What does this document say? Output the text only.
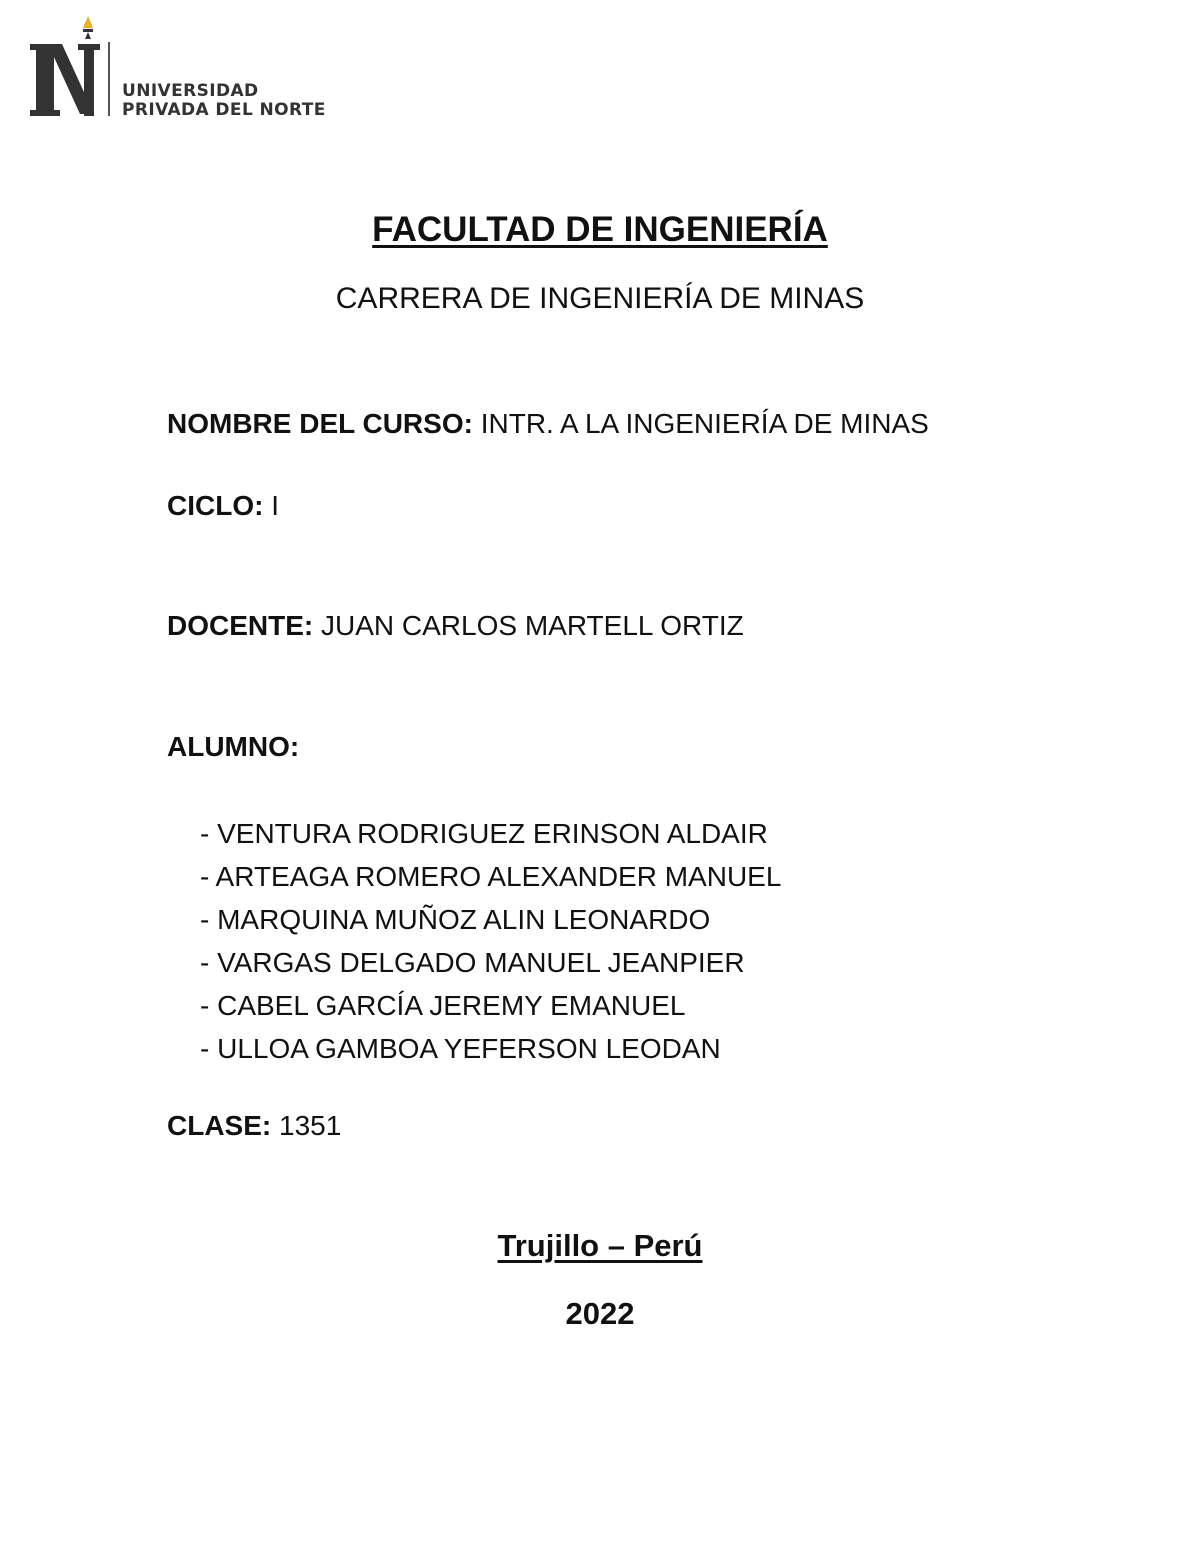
UNIVERSIDAD
PRIVADA DEL NORTE
FACULTAD DE INGENIERÍA
CARRERA DE INGENIERÍA DE MINAS
NOMBRE DEL CURSO: INTR. A LA INGENIERÍA DE MINAS
CICLO: I
DOCENTE: JUAN CARLOS MARTELL ORTIZ
ALUMNO:
- VENTURA RODRIGUEZ ERINSON ALDAIR
- ARTEAGA ROMERO ALEXANDER MANUEL
- MARQUINA MUÑOZ ALIN LEONARDO
- VARGAS DELGADO MANUEL JEANPIER
- CABEL GARCÍA JEREMY EMANUEL
- ULLOA GAMBOA YEFERSON LEODAN
CLASE: 1351
Trujillo – Perú
2022
